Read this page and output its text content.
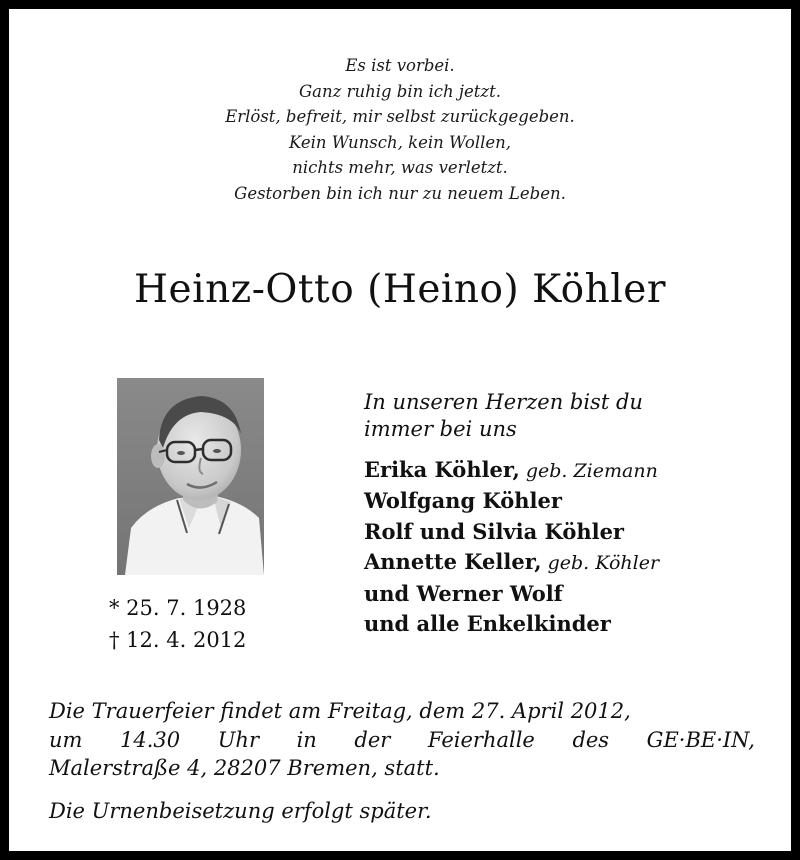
Es ist vorbei.
Ganz ruhig bin ich jetzt.
Erlöst, befreit, mir selbst zurückgegeben.
Kein Wunsch, kein Wollen,
nichts mehr, was verletzt.
Gestorben bin ich nur zu neuem Leben.
Heinz-Otto (Heino) Köhler
* 25. 7. 1928
† 12. 4. 2012
In unseren Herzen bist du
immer bei uns
Erika Köhler, geb. Ziemann
Wolfgang Köhler
Rolf und Silvia Köhler
Annette Keller, geb. Köhler
und Werner Wolf
und alle Enkelkinder
Die Trauerfeier findet am Freitag, dem 27. April 2012,
um 14.30 Uhr in der Feierhalle des GE·BE·IN,
Malerstraße 4, 28207 Bremen, statt.
Die Urnenbeisetzung erfolgt später.
